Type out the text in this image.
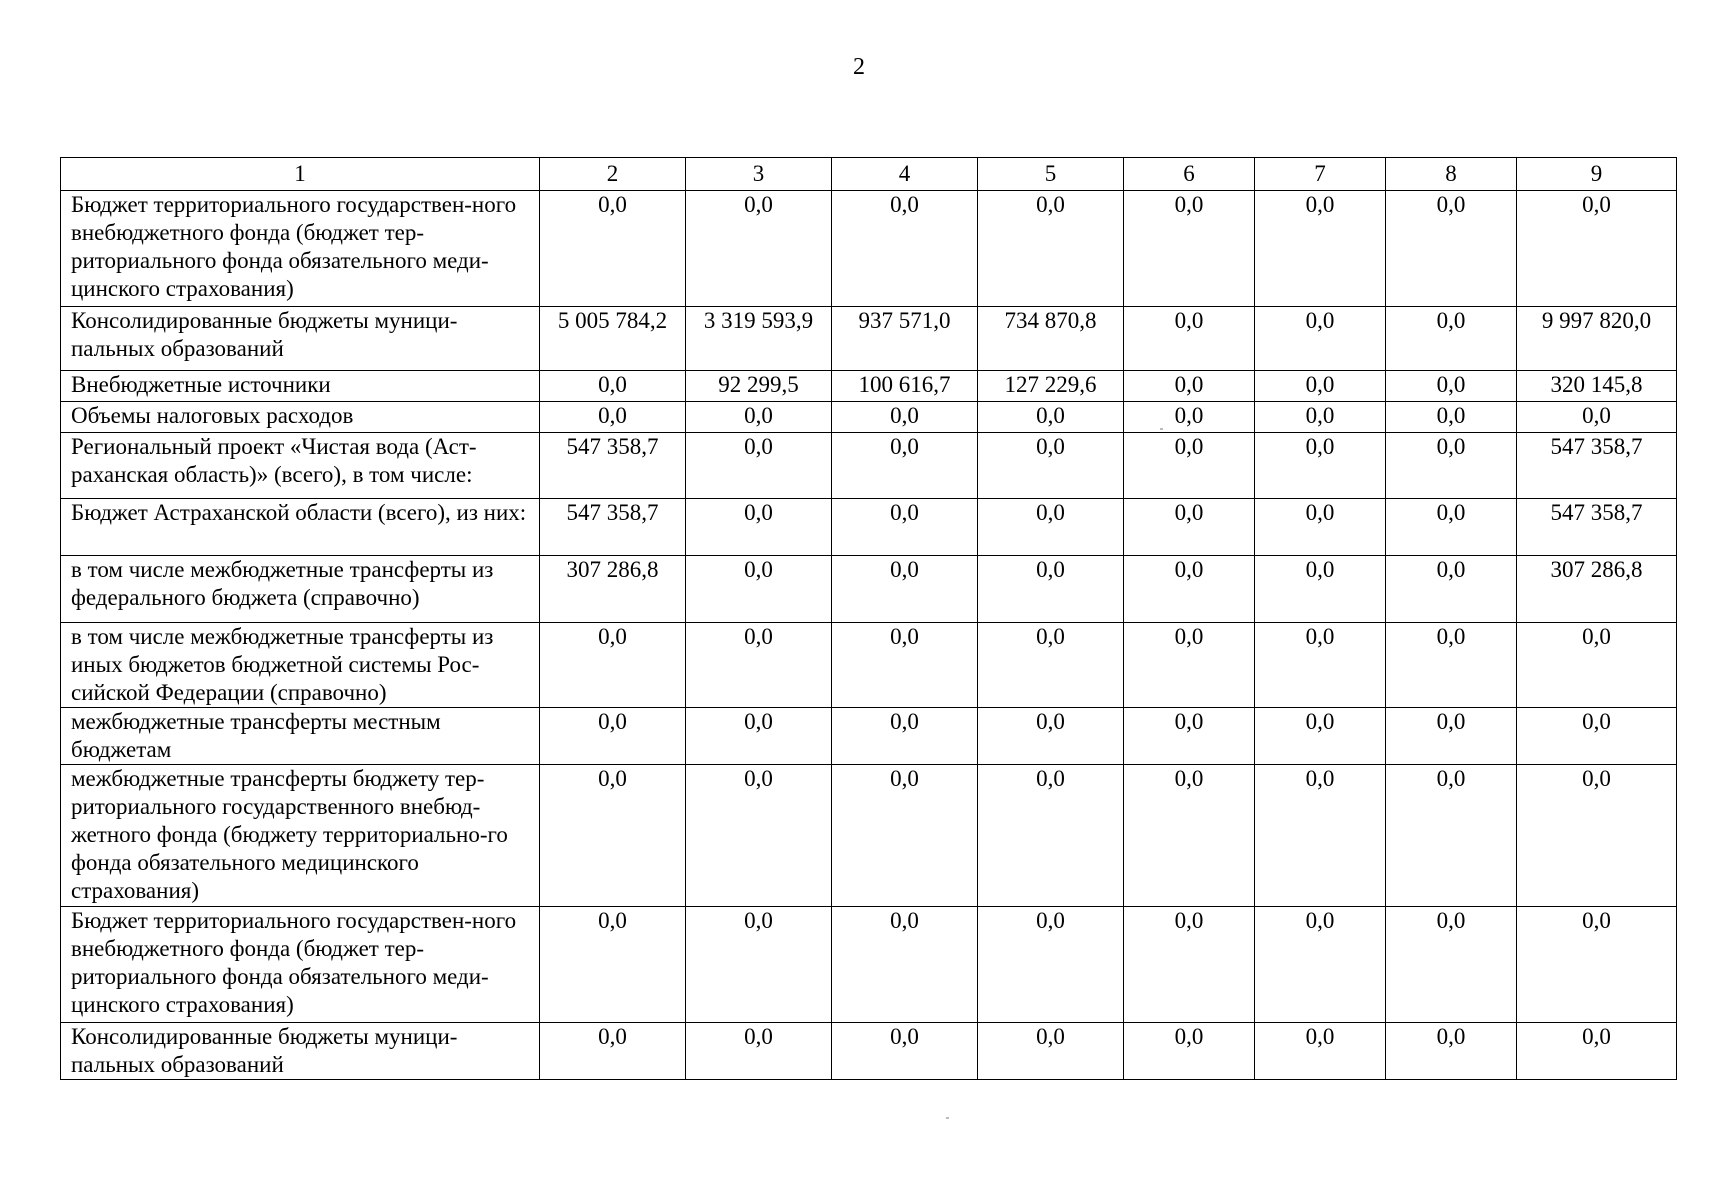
2
1	2	3	4	5	6	7	8	9
Бюджет территориального государствен-ного внебюджетного фонда (бюджет тер-риториального фонда обязательного меди-цинского страхования)	0,0	0,0	0,0	0,0	0,0	0,0	0,0	0,0
Консолидированные бюджеты муници-пальных образований	5 005 784,2	3 319 593,9	937 571,0	734 870,8	0,0	0,0	0,0	9 997 820,0
Внебюджетные источники	0,0	92 299,5	100 616,7	127 229,6	0,0	0,0	0,0	320 145,8
Объемы налоговых расходов	0,0	0,0	0,0	0,0	0,0	0,0	0,0	0,0
Региональный проект «Чистая вода (Аст-раханская область)» (всего), в том числе:	547 358,7	0,0	0,0	0,0	0,0	0,0	0,0	547 358,7
Бюджет Астраханской области (всего), из них:	547 358,7	0,0	0,0	0,0	0,0	0,0	0,0	547 358,7
в том числе межбюджетные трансферты из федерального бюджета (справочно)	307 286,8	0,0	0,0	0,0	0,0	0,0	0,0	307 286,8
в том числе межбюджетные трансферты из иных бюджетов бюджетной системы Рос-сийской Федерации (справочно)	0,0	0,0	0,0	0,0	0,0	0,0	0,0	0,0
межбюджетные трансферты местным бюджетам	0,0	0,0	0,0	0,0	0,0	0,0	0,0	0,0
межбюджетные трансферты бюджету тер-риториального государственного внебюд-жетного фонда (бюджету территориально-го фонда обязательного медицинского страхования)	0,0	0,0	0,0	0,0	0,0	0,0	0,0	0,0
Бюджет территориального государствен-ного внебюджетного фонда (бюджет тер-риториального фонда обязательного меди-цинского страхования)	0,0	0,0	0,0	0,0	0,0	0,0	0,0	0,0
Консолидированные бюджеты муници-пальных образований	0,0	0,0	0,0	0,0	0,0	0,0	0,0	0,0
